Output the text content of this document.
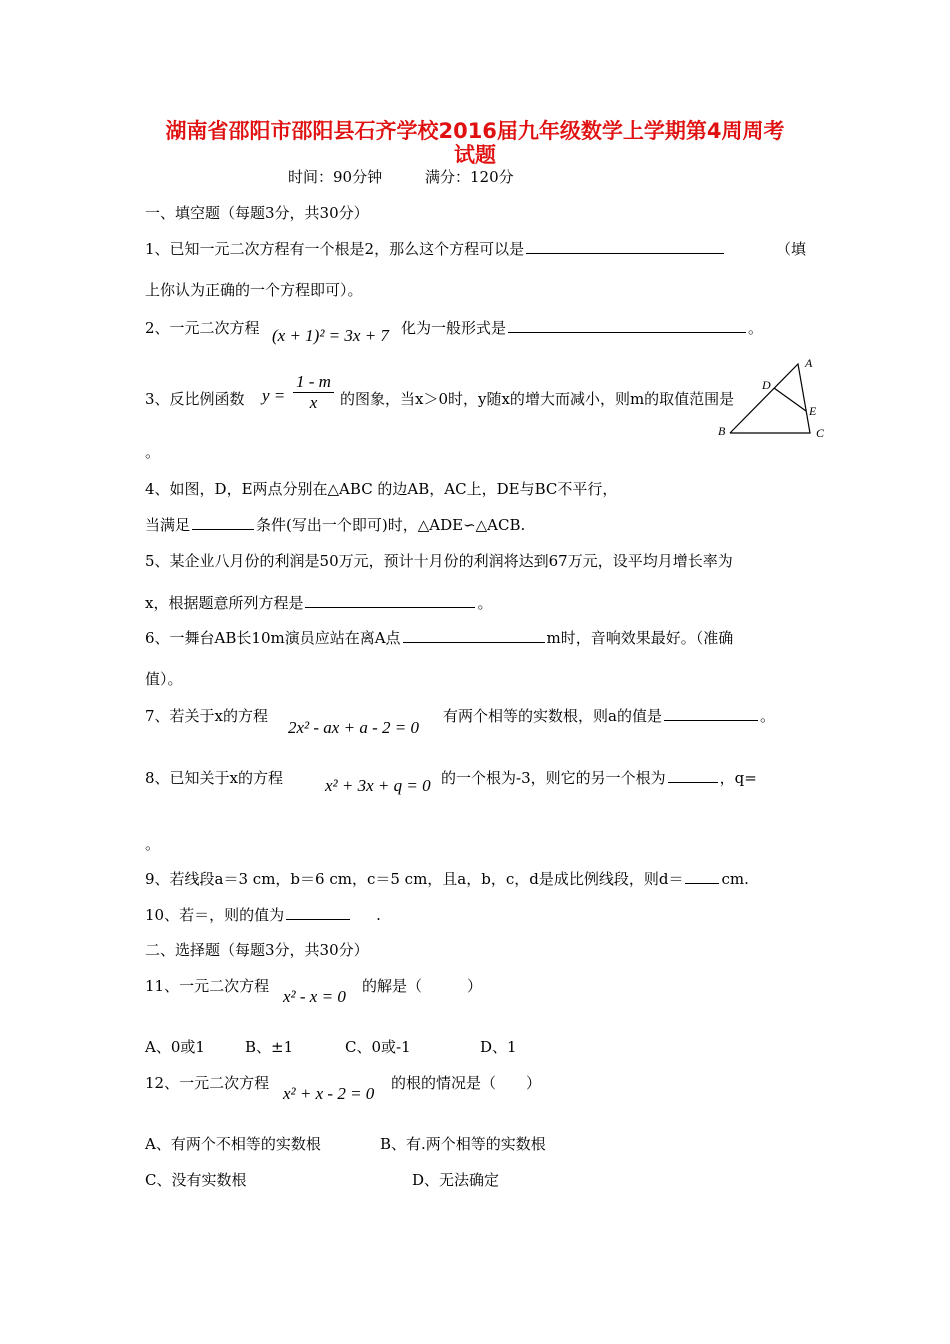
湖南省邵阳市邵阳县石齐学校2016届九年级数学上学期第4周周考
试题
时间：90分钟	满分：120分
一、填空题（每题3分，共30分）
1、已知一元二次方程有一个根是2，那么这个方程可以是	（填
上你认为正确的一个方程即可）。
2、一元二次方程 (x + 1)² = 3x + 7 化为一般形式是	。
3、反比例函数 $y = \frac{1 - m}{x}$ 的图象，当x＞0时，y随x的增大而减小，则m的取值范围是
。
A
B	C
D
E
4、如图，D，E两点分别在△ABC 的边AB，AC上，DE与BC不平行，
当满足	条件(写出一个即可)时，△ADE∽△ACB.
5、某企业八月份的利润是50万元，预计十月份的利润将达到67万元，设平均月增长率为
x，根据题意所列方程是	。
6、一舞台AB长10m演员应站在离A点	m时，音响效果最好。（准确
值）。
7、若关于x的方程
2x² - ax + a - 2 = 0
有两个相等的实数根，则a的值是	。
8、已知关于x的方程 x² + 3x + q = 0 的一个根为-3，则它的另一个根为	，q=
。
9、若线段a＝3 cm，b＝6 cm，c＝5 cm，且a，b，c，d是成比例线段，则d＝	cm.
10、若＝，则的值为	.
二、选择题（每题3分，共30分）
11、一元二次方程
x² - x = 0
的解是（　　　）
A、0或1	B、±1	C、0或-1	D、1
12、一元二次方程
x² + x - 2 = 0
的根的情况是（　　）
A、有两个不相等的实数根	B、有.两个相等的实数根
C、没有实数根	D、无法确定
